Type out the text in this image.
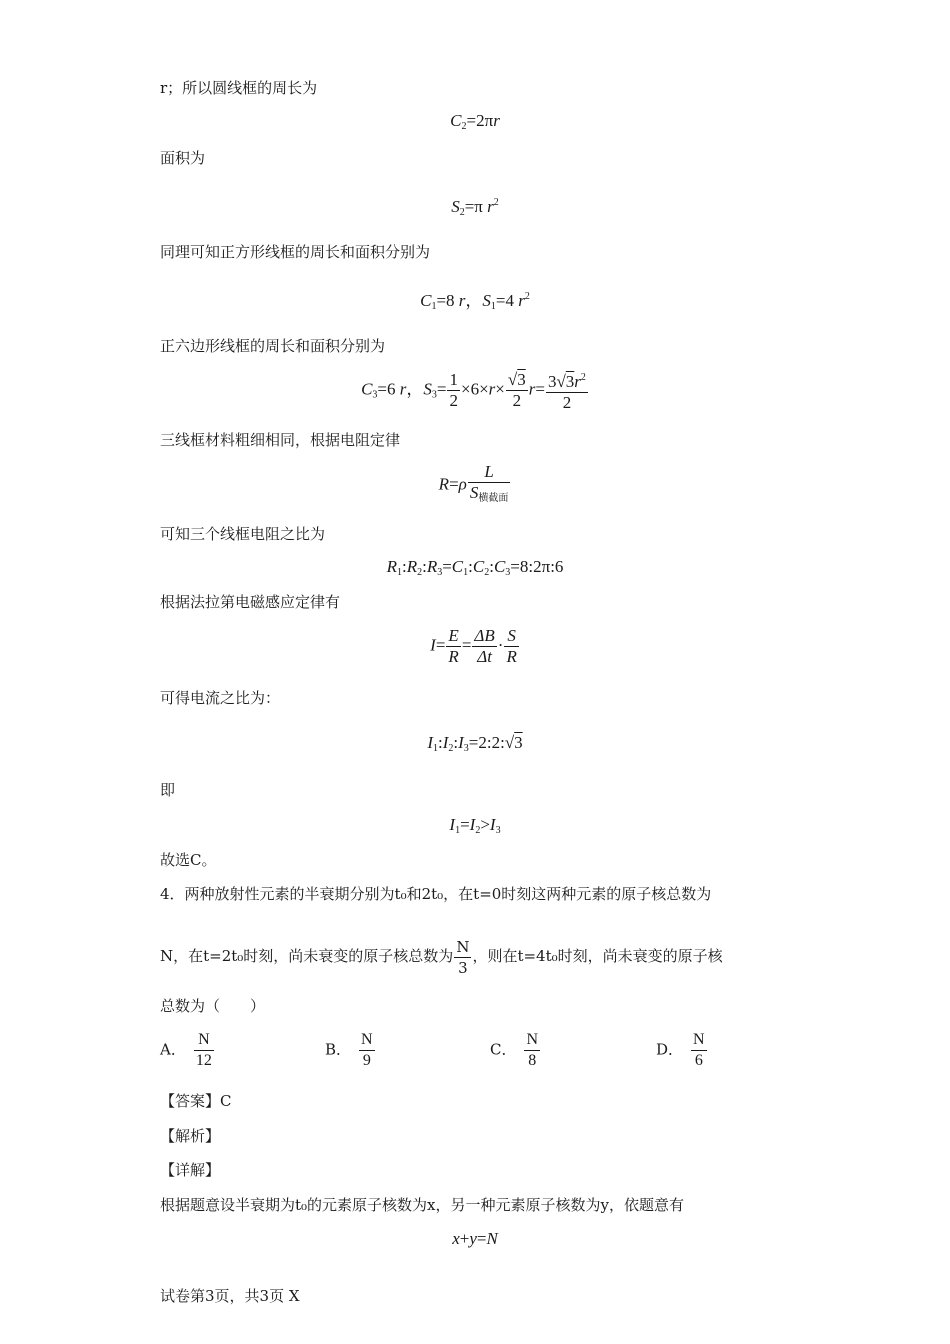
r；所以圆线框的周长为
$C_2=2\pi r$
面积为
$S_2=\pi$ $r^2$
同理可知正方形线框的周长和面积分别为
$C_1=8$ r，$S_1=4$ $r^2$
正六边形线框的周长和面积分别为
$C_3=6$ r，$S_3= \frac{1}{2} \times 6\times r\times \frac{√3}{2} r= \frac{3√3r^2}{2}$
三线框材料粗细相同，根据电阻定律
$R=\rho \frac{L}{S_{横截面}}$
可知三个线框电阻之比为
$R_1:R_2:R_3=C_1:C_2:C_3=8:2\pi:6$
根据法拉第电磁感应定律有
$I= \frac{E}{R} = \frac{\Delta B}{\Delta t} \cdot \frac{S}{R}$
可得电流之比为：
$I_1:I_2:I_3=2:2:√3$
即
$I_1=I_2>I_3$
故选C。
4．两种放射性元素的半衰期分别为t₀和2t₀，在t=0时刻这两种元素的原子核总数为
N，在t=2t₀时刻，尚未衰变的原子核总数为 $\frac{N}{3}$ ，则在t=4t₀时刻，尚未衰变的原子核
总数为（　　）
A． $\frac{N}{12}$	B． $\frac{N}{9}$	C． $\frac{N}{8}$	D． $\frac{N}{6}$
【答案】C
【解析】
【详解】
根据题意设半衰期为t₀的元素原子核数为x，另一种元素原子核数为y，依题意有
x+y=N
试卷第3页，共3页 X
